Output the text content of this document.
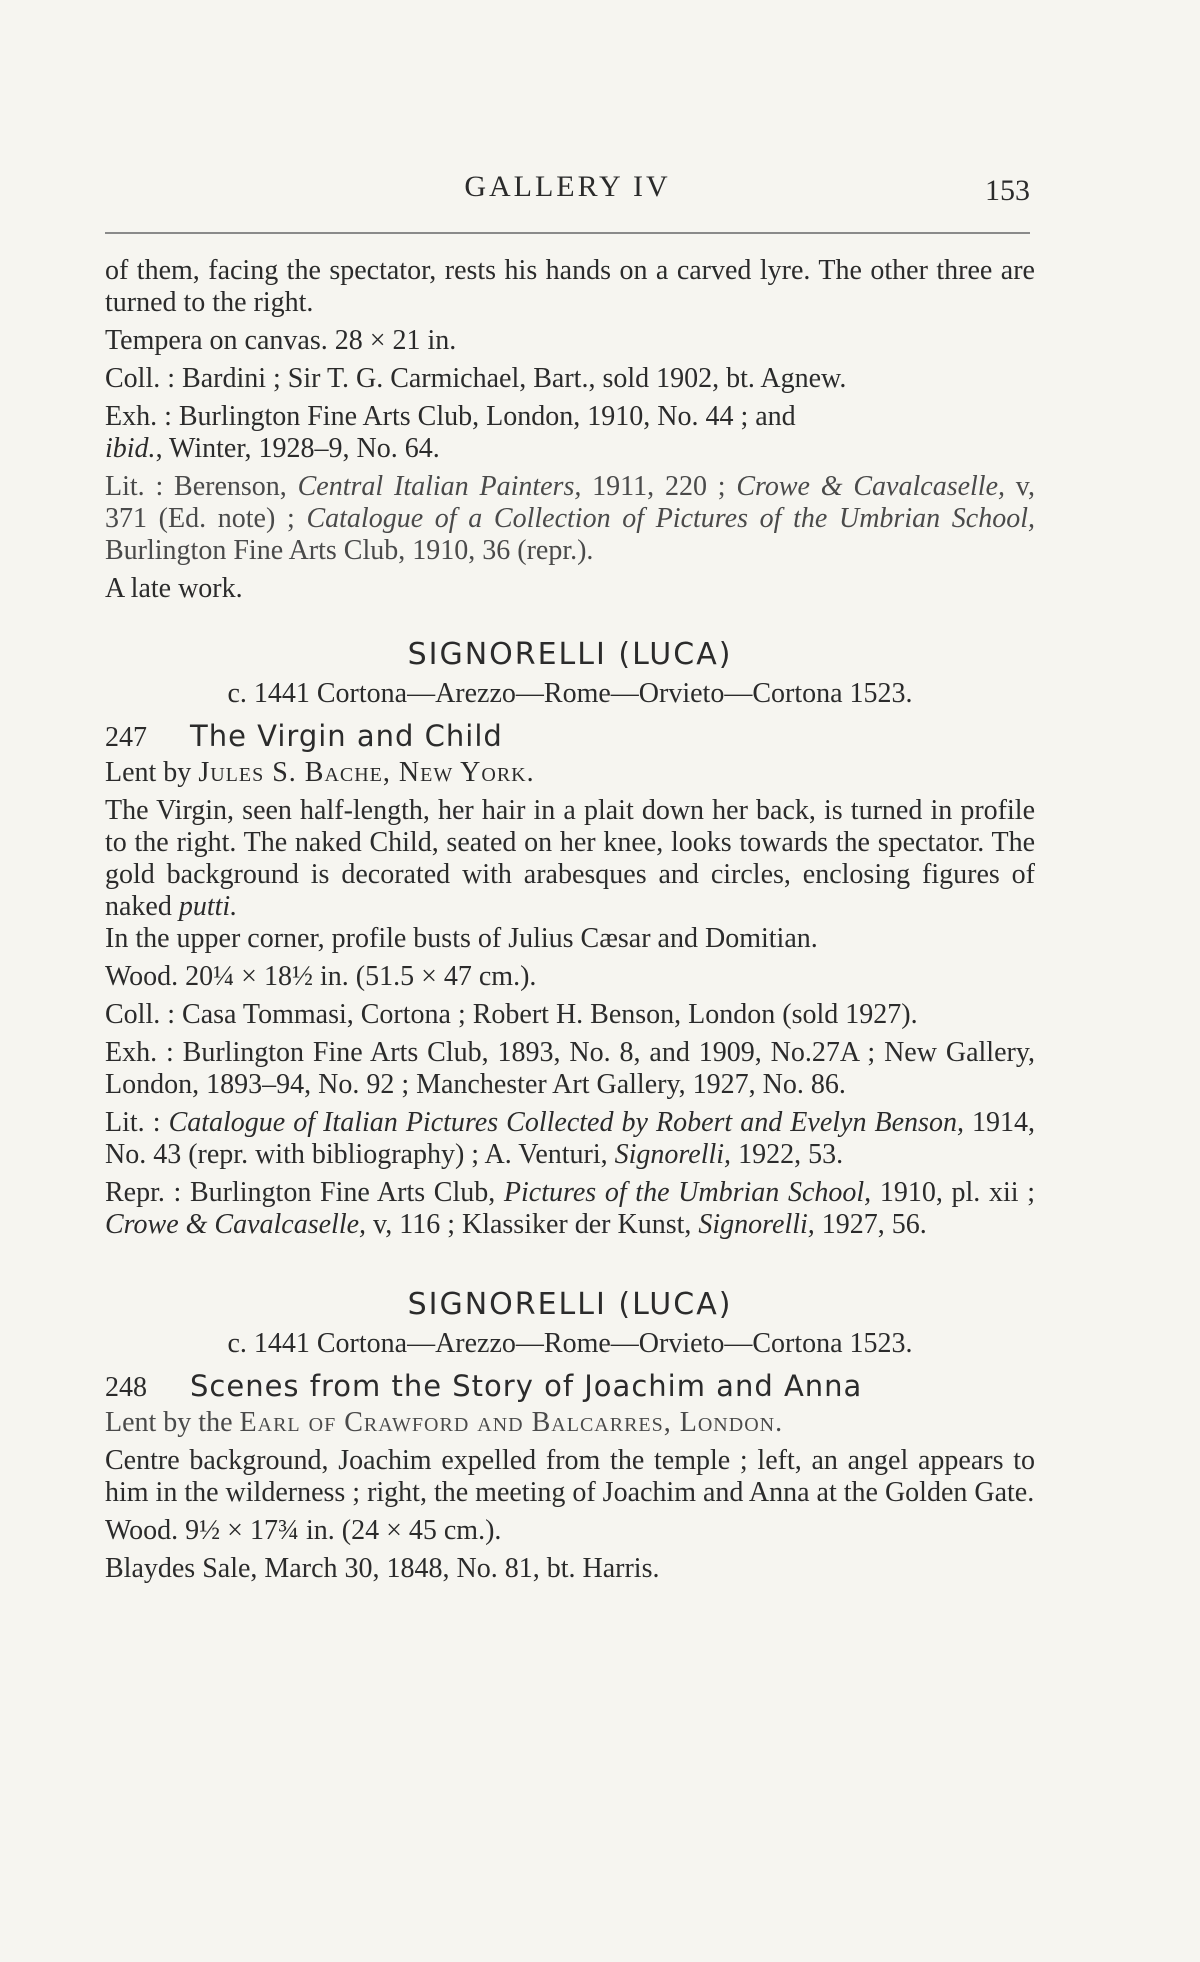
GALLERY IV	153

of them, facing the spectator, rests his hands on a carved lyre. The other three are turned to the right.

Tempera on canvas. 28 × 21 in.

Coll. : Bardini ; Sir T. G. Carmichael, Bart., sold 1902, bt. Agnew.

Exh. : Burlington Fine Arts Club, London, 1910, No. 44 ; and
ibid., Winter, 1928–9, No. 64.

Lit. : Berenson, Central Italian Painters, 1911, 220 ; Crowe & Cavalcaselle, v, 371 (Ed. note) ; Catalogue of a Collection of Pictures of the Umbrian School, Burlington Fine Arts Club, 1910, 36 (repr.).

A late work.

SIGNORELLI (LUCA)
c. 1441 Cortona—Arezzo—Rome—Orvieto—Cortona 1523.
247 The Virgin and Child

Lent by Jules S. Bache, New York.

The Virgin, seen half-length, her hair in a plait down her back, is turned in profile to the right. The naked Child, seated on her knee, looks towards the spectator. The gold background is decorated with arabesques and circles, enclosing figures of naked putti.
In the upper corner, profile busts of Julius Cæsar and Domitian.

Wood. 20¼ × 18½ in. (51.5 × 47 cm.).

Coll. : Casa Tommasi, Cortona ; Robert H. Benson, London (sold 1927).

Exh. : Burlington Fine Arts Club, 1893, No. 8, and 1909, No.27A ; New Gallery, London, 1893–94, No. 92 ; Manchester Art Gallery, 1927, No. 86.

Lit. : Catalogue of Italian Pictures Collected by Robert and Evelyn Benson, 1914, No. 43 (repr. with bibliography) ; A. Venturi, Signorelli, 1922, 53.

Repr. : Burlington Fine Arts Club, Pictures of the Umbrian School, 1910, pl. xii ; Crowe & Cavalcaselle, v, 116 ; Klassiker der Kunst, Signorelli, 1927, 56.

SIGNORELLI (LUCA)
c. 1441 Cortona—Arezzo—Rome—Orvieto—Cortona 1523.
248 Scenes from the Story of Joachim and Anna

Lent by the Earl of Crawford and Balcarres, London.

Centre background, Joachim expelled from the temple ; left, an angel appears to him in the wilderness ; right, the meeting of Joachim and Anna at the Golden Gate.

Wood. 9½ × 17¾ in. (24 × 45 cm.).

Blaydes Sale, March 30, 1848, No. 81, bt. Harris.
